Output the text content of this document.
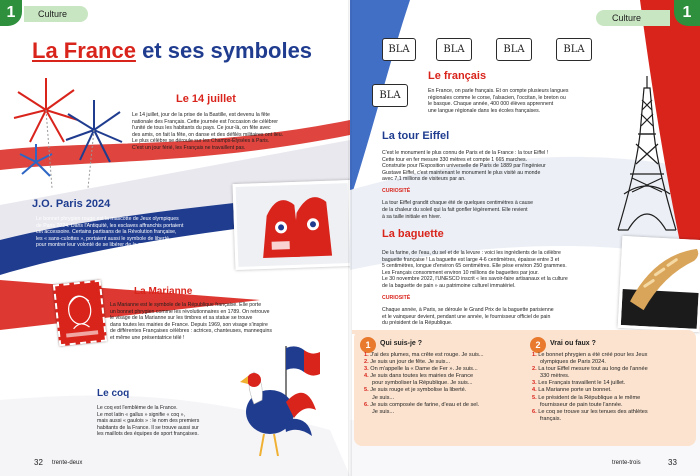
1	Culture
La France et ses symboles

Le 14 juillet

Le 14 juillet, jour de la prise de la Bastille, est devenu la fête

nationale des Français. Cette journée est l'occasion de célébrer

l'unité de tous les habitants du pays. Ce jour-là, on fête avec

des amis, on fait la fête, on danse et des défilés militaires ont lieu.

Le plus célèbre se déroule sur les Champs-Élysées à Paris.

C'est un jour férié, les Français ne travaillent pas.

J.O. Paris 2024

Le bonnet phrygien rouge est la mascotte de Jeux olympiques

de Paris 2024. Dans l'Antiquité, les esclaves affranchis portaient

cet accessoire. Certains partisans de la Révolution française,

les « sans-culottes », portaient aussi le symbole de liberté,

pour montrer leur volonté de se libérer de la monarchie.

La Marianne

La Marianne est le symbole de la République française. Elle porte

un bonnet phrygien comme les révolutionnaires en 1789. On retrouve

le visage de la Marianne sur les timbres et sa statue se trouve

dans toutes les mairies de France. Depuis 1969, son visage s'inspire

de différentes Françaises célèbres : actrices, chanteuses, mannequins

et même une présentatrice télé !

Le coq

Le coq est l'emblème de la France.

Le mot latin « gallus » signifie « coq »,

mais aussi « gaulois » : le nom des premiers

habitants de la France. Il se trouve aussi sur

les maillots des équipes de sport françaises.

32 trente-deux
Culture	1
BLA	BLA	BLA	BLA
BLA

Le français

En France, on parle français. Et on compte plusieurs langues

régionales comme le corse, l'alsacien, l'occitan, le breton ou

le basque. Chaque année, 400 000 élèves apprennent

une langue régionale dans les écoles françaises.

La tour Eiffel

C'est le monument le plus connu de Paris et de la France : la tour Eiffel !

Cette tour en fer mesure 330 mètres et compte 1 665 marches.

Construite pour l'Exposition universelle de Paris de 1889 par l'ingénieur

Gustave Eiffel, c'est maintenant le monument le plus visité au monde

avec 7,1 millions de visiteurs par an.

CURIOSITÉ

La tour Eiffel grandit chaque été de quelques centimètres à cause

de la chaleur du soleil qui la fait gonfler légèrement. Elle revient

à sa taille initiale en hiver.

La baguette

De la farine, de l'eau, du sel et de la levure : voici les ingrédients de la célèbre

baguette française ! La baguette est large 4-6 centimètres, épaisse entre 3 et

5 centimètres, longue d'environ 65 centimètres. Elle pèse environ 250 grammes.

Les Français consomment environ 10 millions de baguettes par jour.

Le 30 novembre 2022, l'UNESCO inscrit « les savoir-faire artisanaux et la culture

de la baguette de pain » au patrimoine culturel immatériel.

CURIOSITÉ

Chaque année, à Paris, se déroule le Grand Prix de la baguette parisienne

et le vainqueur devient, pendant une année, le fournisseur officiel de pain

du président de la République.

1	Qui suis-je ?
1. J'ai des plumes, ma crête est rouge. Je suis...
2. Je suis un jour de fête. Je suis...
3. On m'appelle la « Dame de Fer ». Je suis...
4. Je suis dans toutes les mairies de France
pour symboliser la République. Je suis...
5. Je suis rouge et je symbolise la liberté.
Je suis...
6. Je suis composée de farine, d'eau et de sel.
Je suis...
2	Vrai ou faux ?
1. Le bonnet phrygien a été créé pour les Jeux
olympiques de Paris 2024.
2. La tour Eiffel mesure tout au long de l'année
330 mètres.
3. Les Français travaillent le 14 juillet.
4. La Marianne porte un bonnet.
5. Le président de la République a le même
fournisseur de pain toute l'année.
6. Le coq se trouve sur les tenues des athlètes
français.
trente-trois	33
